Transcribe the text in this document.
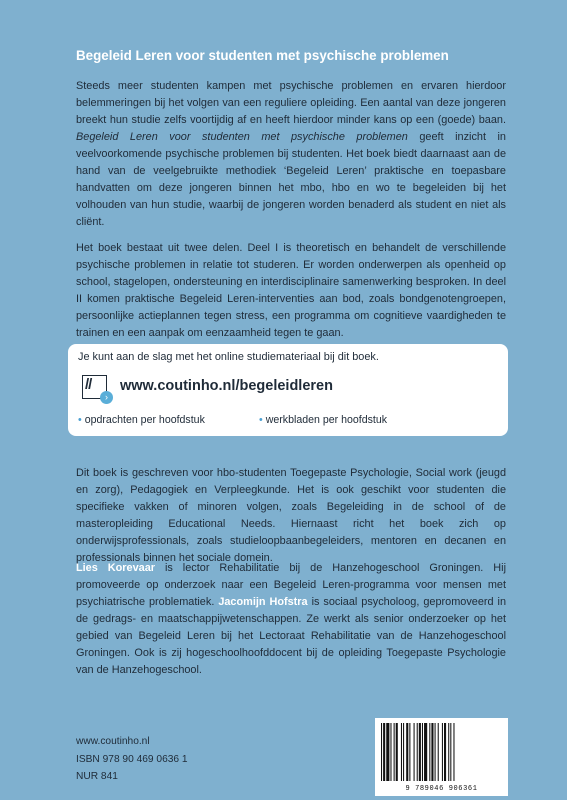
Begeleid Leren voor studenten met psychische problemen
Steeds meer studenten kampen met psychische problemen en ervaren hierdoor belemmeringen bij het volgen van een reguliere opleiding. Een aantal van deze jongeren breekt hun studie zelfs voortijdig af en heeft hierdoor minder kans op een (goede) baan. Begeleid Leren voor studenten met psychische problemen geeft inzicht in veelvoorkomende psychische problemen bij studenten. Het boek biedt daarnaast aan de hand van de veelgebruikte methodiek ‘Begeleid Leren’ praktische en toepasbare handvatten om deze jongeren binnen het mbo, hbo en wo te begeleiden bij het volhouden van hun studie, waarbij de jongeren worden benaderd als student en niet als cliënt.
Het boek bestaat uit twee delen. Deel I is theoretisch en behandelt de verschillende psychische problemen in relatie tot studeren. Er worden onderwerpen als openheid op school, stagelopen, ondersteuning en interdisciplinaire samenwerking besproken. In deel II komen praktische Begeleid Leren-interventies aan bod, zoals bondgenotengroepen, persoonlijke actieplannen tegen stress, een programma om cognitieve vaardigheden te trainen en een aanpak om eenzaamheid tegen te gaan.
Je kunt aan de slag met het online studiemateriaal bij dit boek.
//
›
www.coutinho.nl/begeleidleren
• opdrachten per hoofdstuk	• werkbladen per hoofdstuk
Dit boek is geschreven voor hbo-studenten Toegepaste Psychologie, Social work (jeugd en zorg), Pedagogiek en Verpleegkunde. Het is ook geschikt voor studenten die specifieke vakken of minoren volgen, zoals Begeleiding in de school of de masteropleiding Educational Needs. Hiernaast richt het boek zich op onderwijsprofessionals, zoals studieloopbaanbegeleiders, mentoren en decanen en professionals binnen het sociale domein.
Lies Korevaar is lector Rehabilitatie bij de Hanzehogeschool Groningen. Hij promoveerde op onderzoek naar een Begeleid Leren-programma voor mensen met psychiatrische problematiek. Jacomijn Hofstra is sociaal psycholoog, gepromoveerd in de gedrags- en maatschappijwetenschappen. Ze werkt als senior onderzoeker op het gebied van Begeleid Leren bij het Lectoraat Rehabilitatie van de Hanzehogeschool Groningen. Ook is zij hogeschoolhoofddocent bij de opleiding Toegepaste Psychologie van de Hanzehogeschool.
www.coutinho.nl
ISBN 978 90 469 0636 1
NUR 841
9 789046 906361
